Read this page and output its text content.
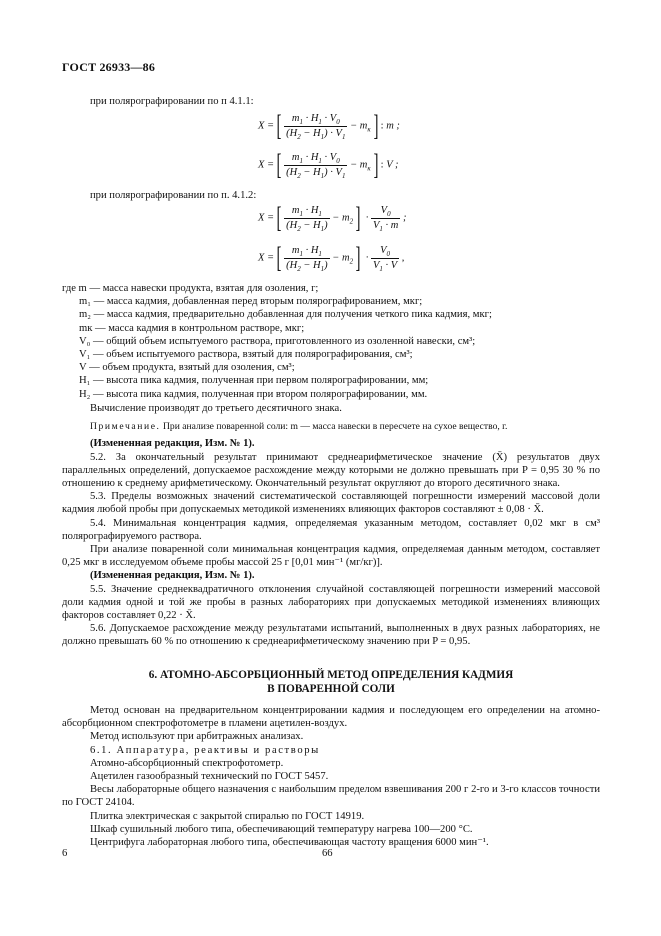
ГОСТ 26933—86

при полярографировании по п 4.1.1:

X =[ $\frac{m_1 \cdot H_1 \cdot V_0}{(H_2 - H_1) \cdot V_1} - m_к$] : m ;
X =[ $\frac{m_1 \cdot H_1 \cdot V_0}{(H_2 - H_1) \cdot V_1} - m_к$] : V ;

при полярографировании по п. 4.1.2:

X =[ $\frac{m_1 \cdot H_1}{(H_2 - H_1)} - m_2] \cdot \frac{V_0}{V_1 \cdot m}$ ;
X =[ $\frac{m_1 \cdot H_1}{(H_2 - H_1)} - m_2] \cdot \frac{V_0}{V_1 \cdot V}$ ,
где m — масса навески продукта, взятая для озоления, г;
m₁ — масса кадмия, добавленная перед вторым полярографированием, мкг;
m₂ — масса кадмия, предварительно добавленная для получения четкого пика кадмия, мкг;
mк — масса кадмия в контрольном растворе, мкг;
V₀ — общий объем испытуемого раствора, приготовленного из озоленной навески, см³;
V₁ — объем испытуемого раствора, взятый для полярографирования, см³;
V — объем продукта, взятый для озоления, см³;
H₁ — высота пика кадмия, полученная при первом полярографировании, мм;
H₂ — высота пика кадмия, полученная при втором полярографировании, мм.

Вычисление производят до третьего десятичного знака.

Примечание. При анализе поваренной соли: m — масса навески в пересчете на сухое вещество, г.

(Измененная редакция, Изм. № 1).

5.2. За окончательный результат принимают среднеарифметическое значение (X̄) результатов двух параллельных определений, допускаемое расхождение между которыми не должно превышать при P = 0,95 30 % по отношению к среднему арифметическому. Окончательный результат округляют до второго десятичного знака.

5.3. Пределы возможных значений систематической составляющей погрешности измерений массовой доли кадмия любой пробы при допускаемых методикой изменениях влияющих факторов составляют ± 0,08 · X̄.

5.4. Минимальная концентрация кадмия, определяемая указанным методом, составляет 0,02 мкг в см³ полярографируемого раствора.

При анализе поваренной соли минимальная концентрация кадмия, определяемая данным методом, составляет 0,25 мкг в исследуемом объеме пробы массой 25 г [0,01 мин⁻¹ (мг/кг)].

(Измененная редакция, Изм. № 1).

5.5. Значение среднеквадратичного отклонения случайной составляющей погрешности измерений массовой доли кадмия одной и той же пробы в разных лабораториях при допускаемых методикой изменениях влияющих факторов составляет 0,22 · X̄.

5.6. Допускаемое расхождение между результатами испытаний, выполненных в двух разных лабораториях, не должно превышать 60 % по отношению к среднеарифметическому значению при P = 0,95.

6. АТОМНО-АБСОРБЦИОННЫЙ МЕТОД ОПРЕДЕЛЕНИЯ КАДМИЯ
В ПОВАРЕННОЙ СОЛИ

Метод основан на предварительном концентрировании кадмия и последующем его определении на атомно-абсорбционном спектрофотометре в пламени ацетилен-воздух.

Метод используют при арбитражных анализах.

6.1. Аппаратура, реактивы и растворы

Атомно-абсорбционный спектрофотометр.

Ацетилен газообразный технический по ГОСТ 5457.

Весы лабораторные общего назначения с наибольшим пределом взвешивания 200 г 2-го и 3-го классов точности по ГОСТ 24104.

Плитка электрическая с закрытой спиралью по ГОСТ 14919.

Шкаф сушильный любого типа, обеспечивающий температуру нагрева 100—200 °С.

Центрифуга лабораторная любого типа, обеспечивающая частоту вращения 6000 мин⁻¹.

6	66
